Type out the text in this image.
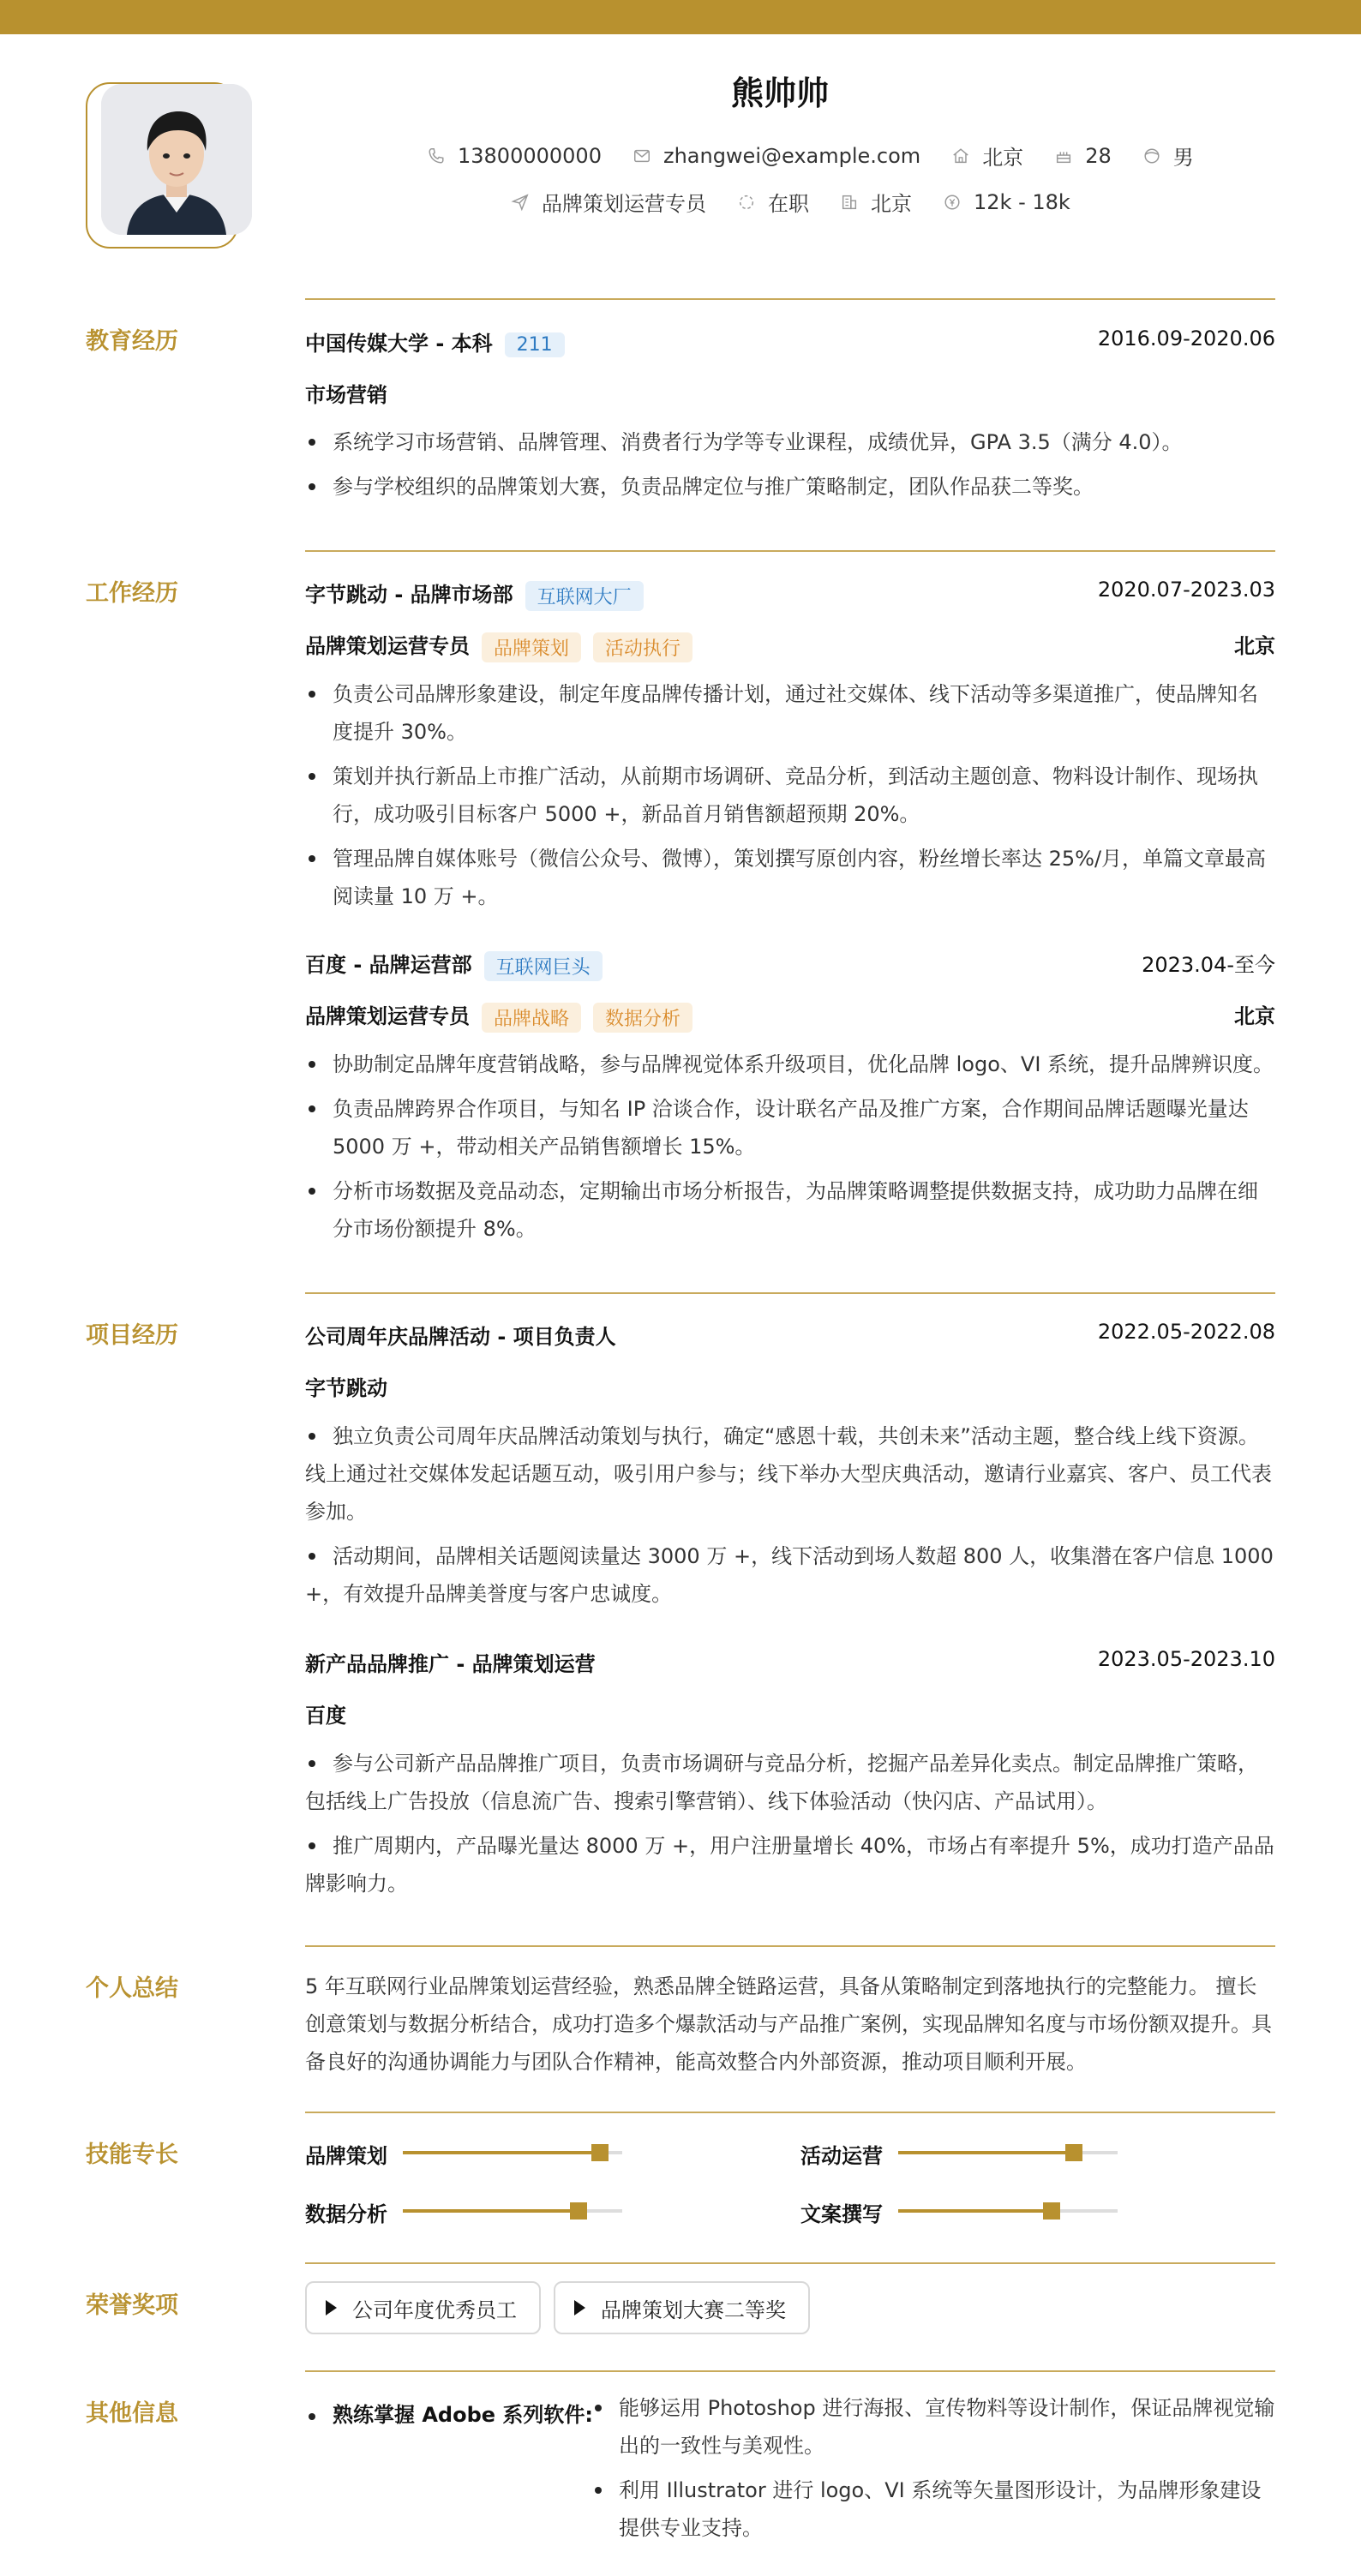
熊帅帅
13800000000	zhangwei@example.com	北京	28	男
品牌策划运营专员	在职	北京	12k - 18k
教育经历	中国传媒大学 - 本科 211	2016.09-2020.06
市场营销
系统学习市场营销、品牌管理、消费者行为学等专业课程，成绩优异，GPA 3.5（满分 4.0）。
参与学校组织的品牌策划大赛，负责品牌定位与推广策略制定，团队作品获二等奖。
工作经历	字节跳动 - 品牌市场部 互联网大厂	2020.07-2023.03
品牌策划运营专员 品牌策划 活动执行	北京
负责公司品牌形象建设，制定年度品牌传播计划，通过社交媒体、线下活动等多渠道推广，使品牌知名度提升 30%。
策划并执行新品上市推广活动，从前期市场调研、竞品分析，到活动主题创意、物料设计制作、现场执行，成功吸引目标客户 5000 +，新品首月销售额超预期 20%。
管理品牌自媒体账号（微信公众号、微博），策划撰写原创内容，粉丝增长率达 25%/月，单篇文章最高阅读量 10 万 +。
百度 - 品牌运营部 互联网巨头	2023.04-至今
品牌策划运营专员 品牌战略 数据分析	北京
协助制定品牌年度营销战略，参与品牌视觉体系升级项目，优化品牌 logo、VI 系统，提升品牌辨识度。
负责品牌跨界合作项目，与知名 IP 洽谈合作，设计联名产品及推广方案，合作期间品牌话题曝光量达 5000 万 +，带动相关产品销售额增长 15%。
分析市场数据及竞品动态，定期输出市场分析报告，为品牌策略调整提供数据支持，成功助力品牌在细分市场份额提升 8%。
项目经历	公司周年庆品牌活动 - 项目负责人	2022.05-2022.08
字节跳动
独立负责公司周年庆品牌活动策划与执行，确定“感恩十载，共创未来”活动主题，整合线上线下资源。线上通过社交媒体发起话题互动，吸引用户参与；线下举办大型庆典活动，邀请行业嘉宾、客户、员工代表参加。
活动期间，品牌相关话题阅读量达 3000 万 +，线下活动到场人数超 800 人，收集潜在客户信息 1000 +，有效提升品牌美誉度与客户忠诚度。
新产品品牌推广 - 品牌策划运营	2023.05-2023.10
百度
参与公司新产品品牌推广项目，负责市场调研与竞品分析，挖掘产品差异化卖点。制定品牌推广策略，包括线上广告投放（信息流广告、搜索引擎营销）、线下体验活动（快闪店、产品试用）。
推广周期内，产品曝光量达 8000 万 +，用户注册量增长 40%，市场占有率提升 5%，成功打造产品品牌影响力。
个人总结	5 年互联网行业品牌策划运营经验，熟悉品牌全链路运营，具备从策略制定到落地执行的完整能力。 擅长创意策划与数据分析结合，成功打造多个爆款活动与产品推广案例，实现品牌知名度与市场份额双提升。具备良好的沟通协调能力与团队合作精神，能高效整合内外部资源，推动项目顺利开展。
技能专长	品牌策划	活动运营
数据分析	文案撰写
荣誉奖项	公司年度优秀员工	品牌策划大赛二等奖
其他信息	熟练掌握 Adobe 系列软件:	能够运用 Photoshop 进行海报、宣传物料等设计制作，保证品牌视觉输出的一致性与美观性。
利用 Illustrator 进行 logo、VI 系统等矢量图形设计，为品牌形象建设提供专业支持。
